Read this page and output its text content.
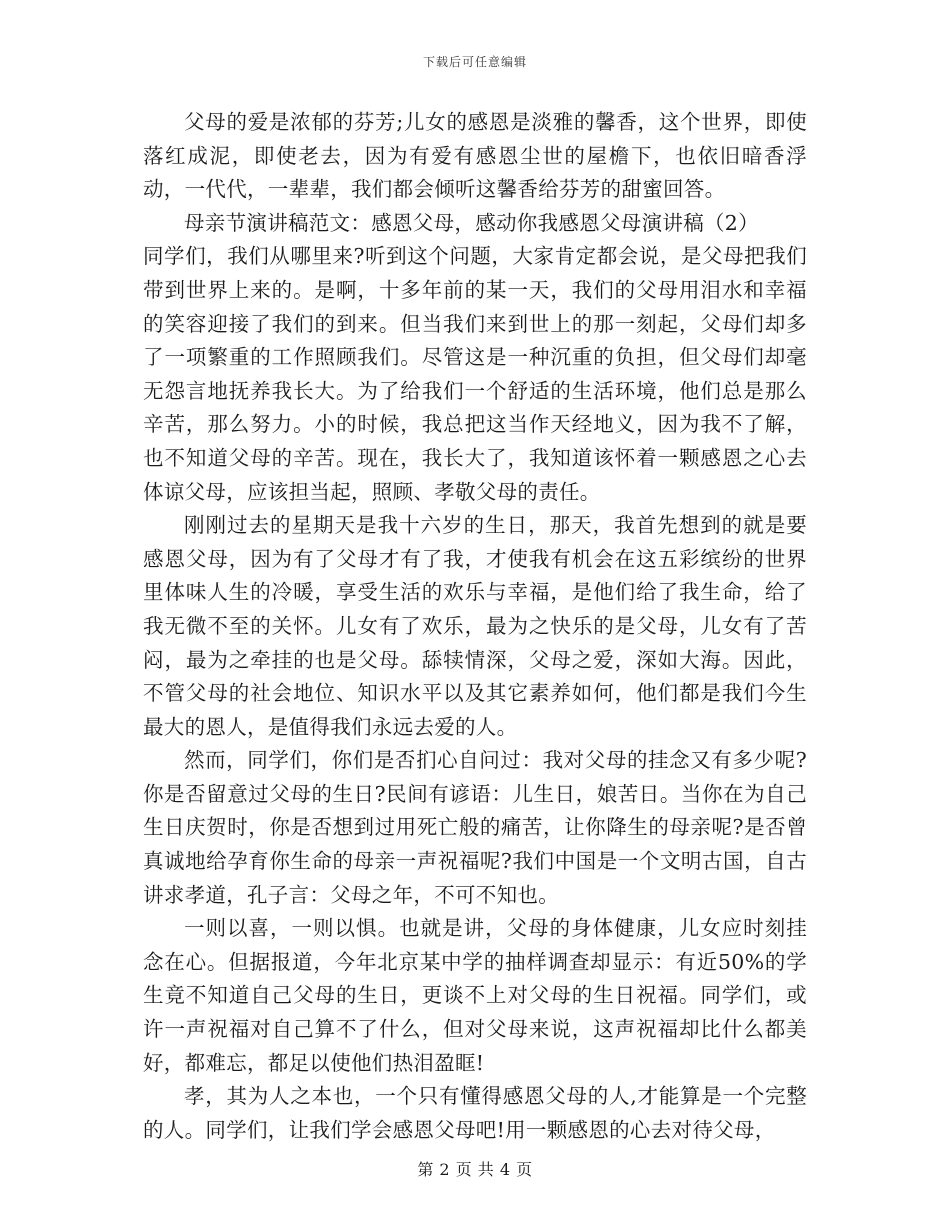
下载后可任意编辑

父母的爱是浓郁的芬芳;儿女的感恩是淡雅的馨香，这个世界，即使落红成泥，即使老去，因为有爱有感恩尘世的屋檐下，也依旧暗香浮动，一代代，一辈辈，我们都会倾听这馨香给芬芳的甜蜜回答。

母亲节演讲稿范文：感恩父母，感动你我感恩父母演讲稿（2）

同学们，我们从哪里来?听到这个问题，大家肯定都会说，是父母把我们带到世界上来的。是啊，十多年前的某一天，我们的父母用泪水和幸福的笑容迎接了我们的到来。但当我们来到世上的那一刻起，父母们却多了一项繁重的工作照顾我们。尽管这是一种沉重的负担，但父母们却毫无怨言地抚养我长大。为了给我们一个舒适的生活环境，他们总是那么辛苦，那么努力。小的时候，我总把这当作天经地义，因为我不了解，也不知道父母的辛苦。现在，我长大了，我知道该怀着一颗感恩之心去体谅父母，应该担当起，照顾、孝敬父母的责任。

刚刚过去的星期天是我十六岁的生日，那天，我首先想到的就是要感恩父母，因为有了父母才有了我，才使我有机会在这五彩缤纷的世界里体味人生的冷暖，享受生活的欢乐与幸福，是他们给了我生命，给了我无微不至的关怀。儿女有了欢乐，最为之快乐的是父母，儿女有了苦闷，最为之牵挂的也是父母。舔犊情深，父母之爱，深如大海。因此，不管父母的社会地位、知识水平以及其它素养如何，他们都是我们今生最大的恩人，是值得我们永远去爱的人。

然而，同学们，你们是否扪心自问过：我对父母的挂念又有多少呢?你是否留意过父母的生日?民间有谚语：儿生日，娘苦日。当你在为自己生日庆贺时，你是否想到过用死亡般的痛苦，让你降生的母亲呢?是否曾真诚地给孕育你生命的母亲一声祝福呢?我们中国是一个文明古国，自古讲求孝道，孔子言：父母之年，不可不知也。

一则以喜，一则以惧。也就是讲，父母的身体健康，儿女应时刻挂念在心。但据报道，今年北京某中学的抽样调查却显示：有近50%的学生竟不知道自己父母的生日，更谈不上对父母的生日祝福。同学们，或许一声祝福对自己算不了什么，但对父母来说，这声祝福却比什么都美好，都难忘，都足以使他们热泪盈眶!

孝，其为人之本也，一个只有懂得感恩父母的人,才能算是一个完整的人。同学们，让我们学会感恩父母吧!用一颗感恩的心去对待父母，

第 2 页 共 4 页
